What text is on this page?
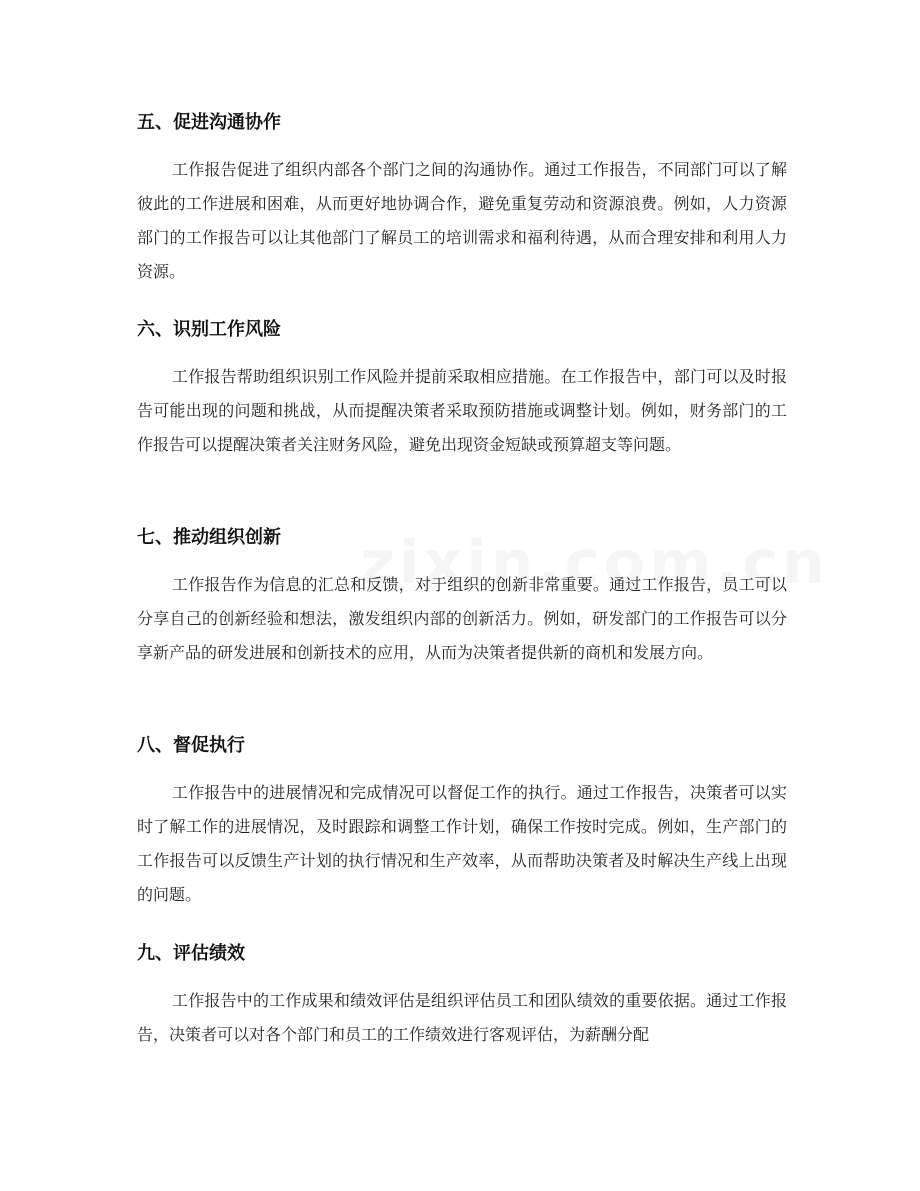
五、促进沟通协作

工作报告促进了组织内部各个部门之间的沟通协作。通过工作报告，不同部门可以了解彼此的工作进展和困难，从而更好地协调合作，避免重复劳动和资源浪费。例如，人力资源部门的工作报告可以让其他部门了解员工的培训需求和福利待遇，从而合理安排和利用人力资源。

六、识别工作风险

工作报告帮助组织识别工作风险并提前采取相应措施。在工作报告中，部门可以及时报告可能出现的问题和挑战，从而提醒决策者采取预防措施或调整计划。例如，财务部门的工作报告可以提醒决策者关注财务风险，避免出现资金短缺或预算超支等问题。

七、推动组织创新

工作报告作为信息的汇总和反馈，对于组织的创新非常重要。通过工作报告，员工可以分享自己的创新经验和想法，激发组织内部的创新活力。例如，研发部门的工作报告可以分享新产品的研发进展和创新技术的应用，从而为决策者提供新的商机和发展方向。

八、督促执行

工作报告中的进展情况和完成情况可以督促工作的执行。通过工作报告，决策者可以实时了解工作的进展情况，及时跟踪和调整工作计划，确保工作按时完成。例如，生产部门的工作报告可以反馈生产计划的执行情况和生产效率，从而帮助决策者及时解决生产线上出现的问题。

九、评估绩效

工作报告中的工作成果和绩效评估是组织评估员工和团队绩效的重要依据。通过工作报告，决策者可以对各个部门和员工的工作绩效进行客观评估，为薪酬分配
